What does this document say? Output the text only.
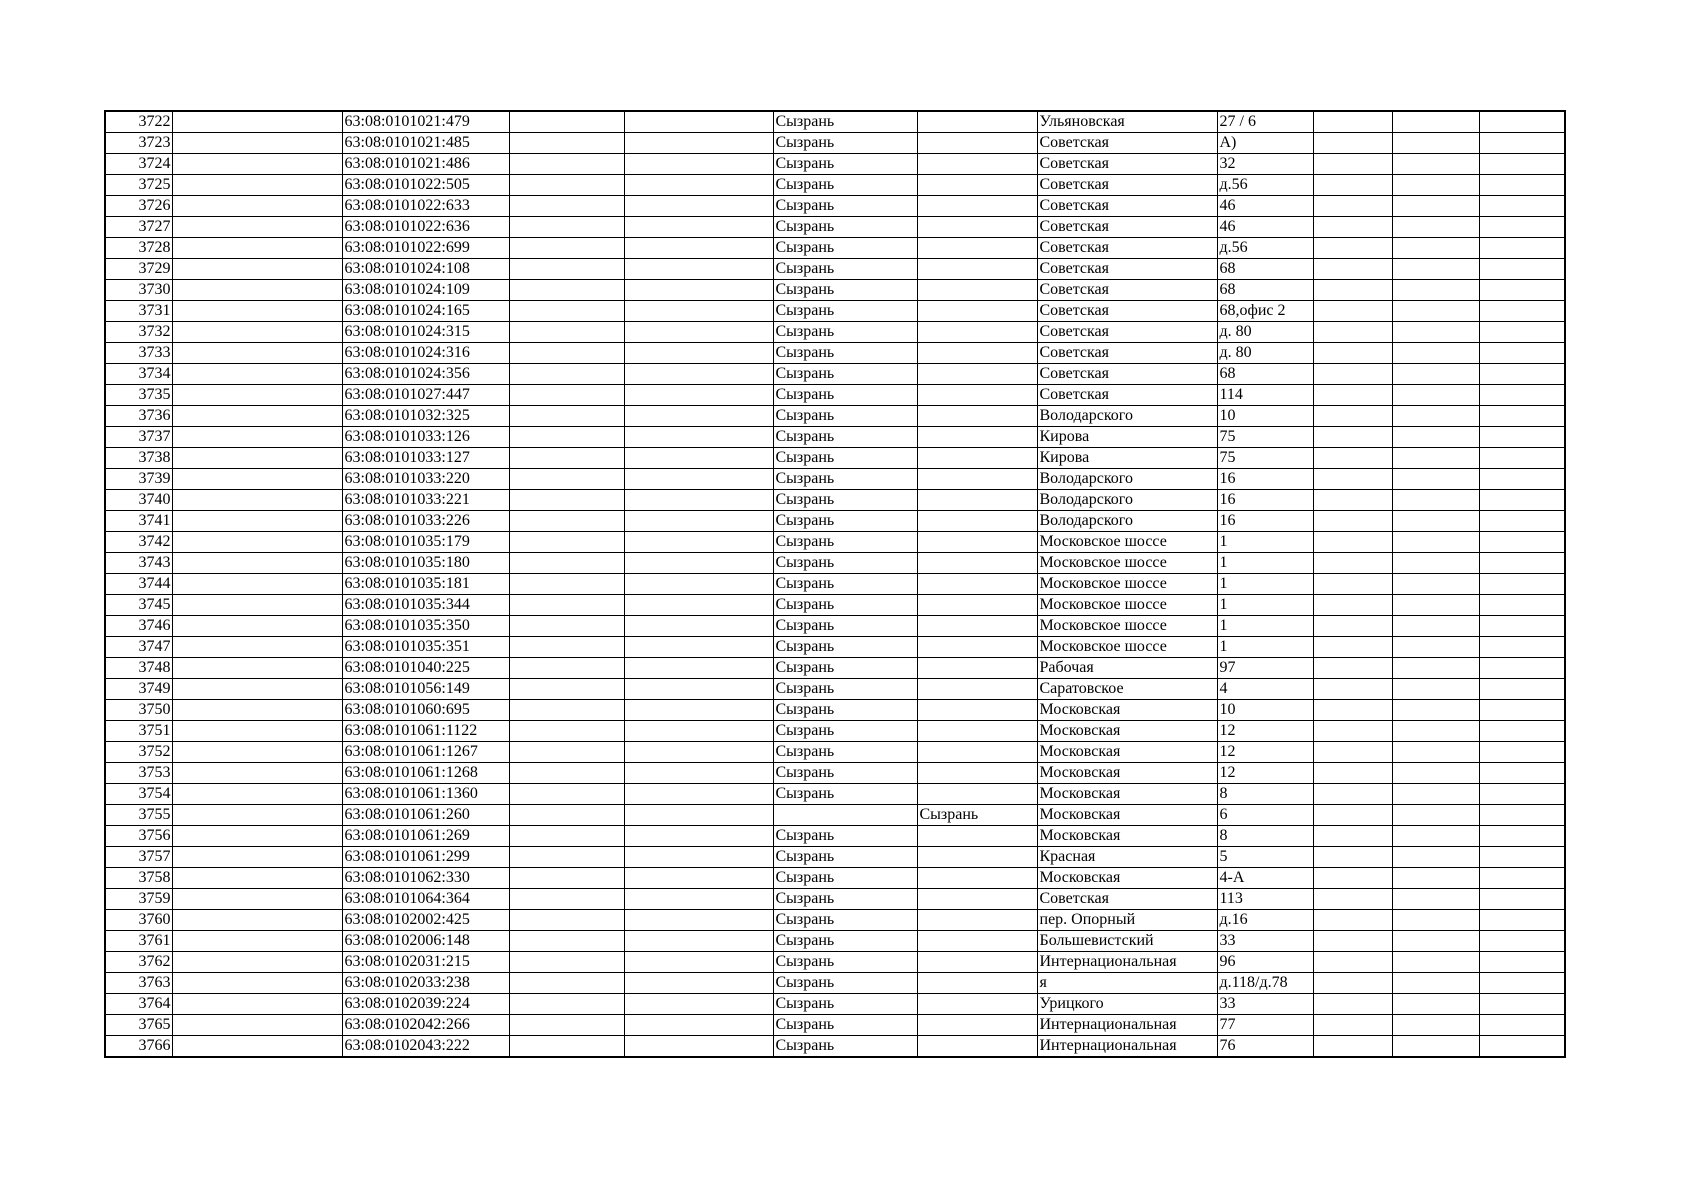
3722		63:08:0101021:479			Сызрань		Ульяновская	27 / 6			
3723		63:08:0101021:485			Сызрань		Советская	А)			
3724		63:08:0101021:486			Сызрань		Советская	32			
3725		63:08:0101022:505			Сызрань		Советская	д.56			
3726		63:08:0101022:633			Сызрань		Советская	46			
3727		63:08:0101022:636			Сызрань		Советская	46			
3728		63:08:0101022:699			Сызрань		Советская	д.56			
3729		63:08:0101024:108			Сызрань		Советская	68			
3730		63:08:0101024:109			Сызрань		Советская	68			
3731		63:08:0101024:165			Сызрань		Советская	68,офис 2			
3732		63:08:0101024:315			Сызрань		Советская	д. 80			
3733		63:08:0101024:316			Сызрань		Советская	д. 80			
3734		63:08:0101024:356			Сызрань		Советская	68			
3735		63:08:0101027:447			Сызрань		Советская	114			
3736		63:08:0101032:325			Сызрань		Володарского	10			
3737		63:08:0101033:126			Сызрань		Кирова	75			
3738		63:08:0101033:127			Сызрань		Кирова	75			
3739		63:08:0101033:220			Сызрань		Володарского	16			
3740		63:08:0101033:221			Сызрань		Володарского	16			
3741		63:08:0101033:226			Сызрань		Володарского	16			
3742		63:08:0101035:179			Сызрань		Московское шоссе	1			
3743		63:08:0101035:180			Сызрань		Московское шоссе	1			
3744		63:08:0101035:181			Сызрань		Московское шоссе	1			
3745		63:08:0101035:344			Сызрань		Московское шоссе	1			
3746		63:08:0101035:350			Сызрань		Московское шоссе	1			
3747		63:08:0101035:351			Сызрань		Московское шоссе	1			
3748		63:08:0101040:225			Сызрань		Рабочая	97			
3749		63:08:0101056:149			Сызрань		Саратовское	4			
3750		63:08:0101060:695			Сызрань		Московская	10			
3751		63:08:0101061:1122			Сызрань		Московская	12			
3752		63:08:0101061:1267			Сызрань		Московская	12			
3753		63:08:0101061:1268			Сызрань		Московская	12			
3754		63:08:0101061:1360			Сызрань		Московская	8			
3755		63:08:0101061:260				Сызрань	Московская	6			
3756		63:08:0101061:269			Сызрань		Московская	8			
3757		63:08:0101061:299			Сызрань		Красная	5			
3758		63:08:0101062:330			Сызрань		Московская	4-А			
3759		63:08:0101064:364			Сызрань		Советская	113			
3760		63:08:0102002:425			Сызрань		пер. Опорный	д.16			
3761		63:08:0102006:148			Сызрань		Большевистский	33			
3762		63:08:0102031:215			Сызрань		Интернациональная	96			
3763		63:08:0102033:238			Сызрань		я	д.118/д.78			
3764		63:08:0102039:224			Сызрань		Урицкого	33			
3765		63:08:0102042:266			Сызрань		Интернациональная	77			
3766		63:08:0102043:222			Сызрань		Интернациональная	76			
